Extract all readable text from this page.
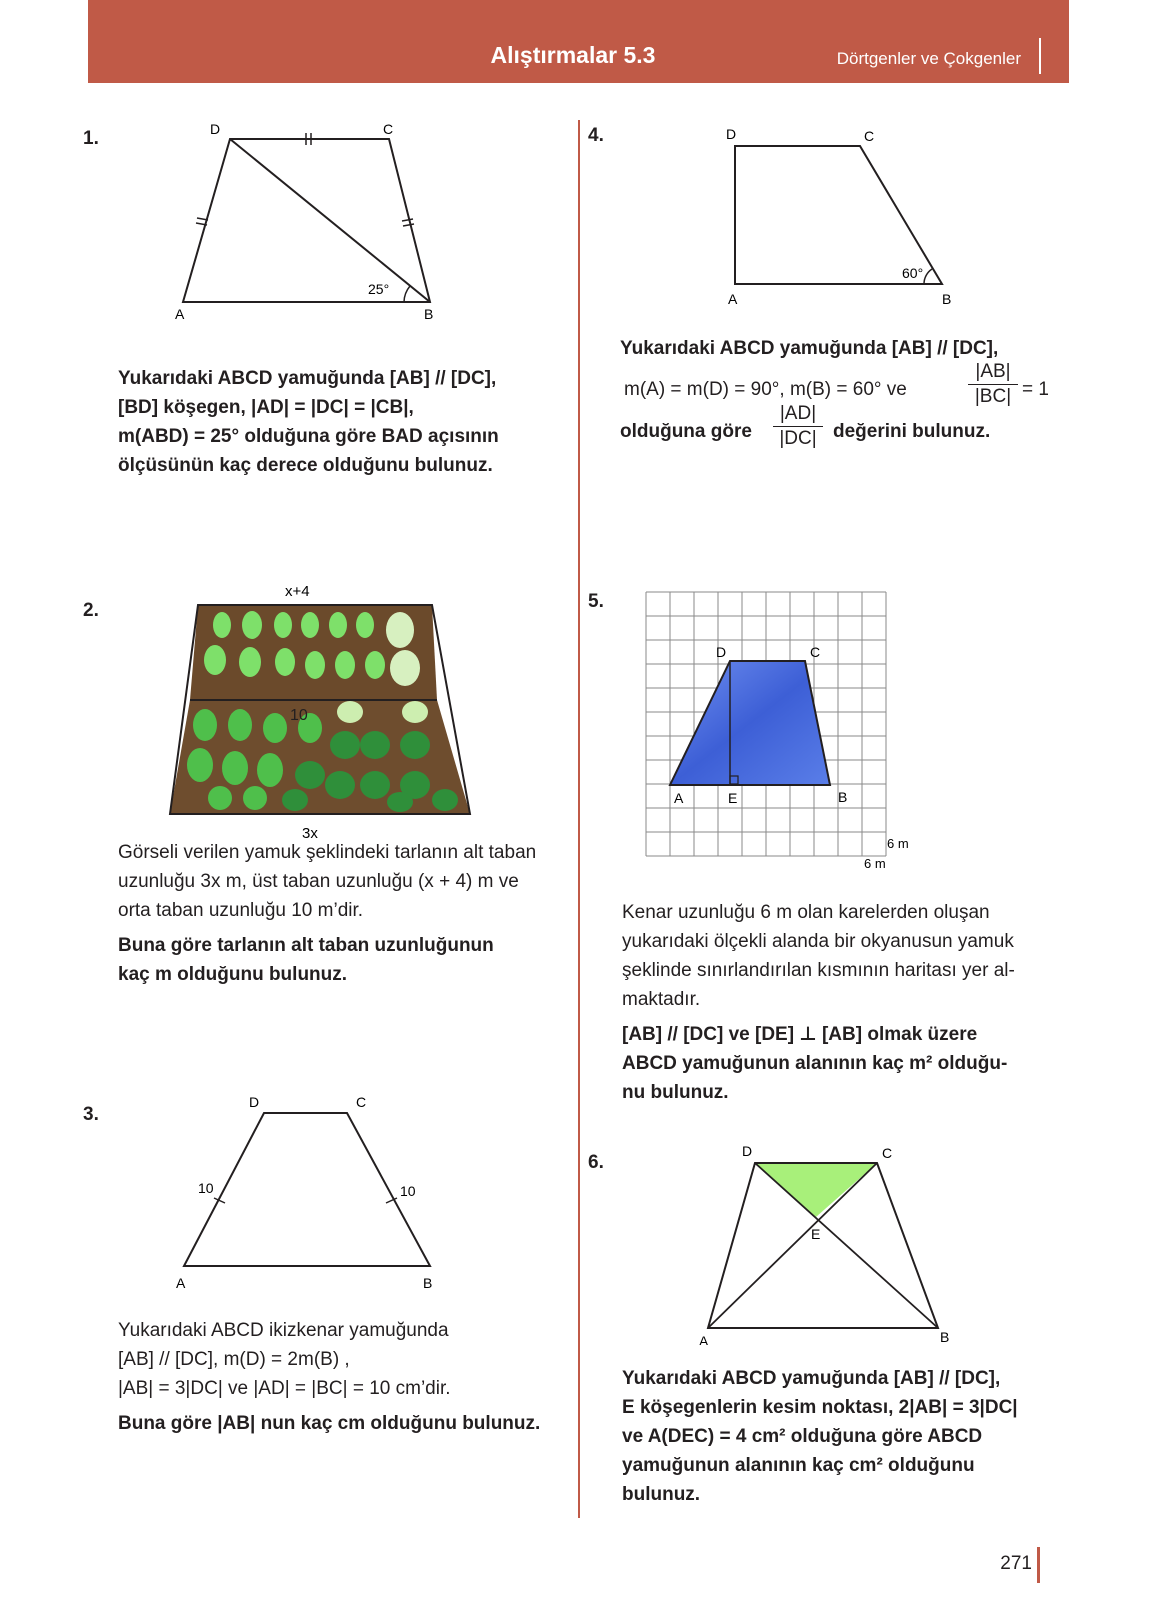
Alıştırmalar 5.3	Dörtgenler ve Çokgenler
1.
A	B
C
D
25°

Yukarıdaki ABCD yamuğunda [AB] // [DC],

[BD] köşegen, |AD| = |DC| = |CB|,

m(ABD) = 25° olduğuna göre BAD açısının

ölçüsünün kaç derece olduğunu bulunuz.

2.
x+4
10
3x

Görseli verilen yamuk şeklindeki tarlanın alt taban

uzunluğu 3x m, üst taban uzunluğu (x + 4) m ve

orta taban uzunluğu 10 m’dir.

Buna göre tarlanın alt taban uzunluğunun

kaç m olduğunu bulunuz.

3.
A	B
C
D
10	10

Yukarıdaki ABCD ikizkenar yamuğunda

[AB] // [DC], m(D) = 2m(B) ,

|AB| = 3|DC| ve |AD| = |BC| = 10 cm’dir.

Buna göre |AB| nun kaç cm olduğunu bulunuz.

4.
A	B
C
D
60°
Yukarıdaki ABCD yamuğunda [AB] // [DC],
m(A) = m(D) = 90°, m(B) = 60° ve
|AB|
|BC| = 1
olduğuna göre
|AD|
|DC| değerini bulunuz.
5.
A	B
C
D
E
6 m
6 m

Kenar uzunluğu 6 m olan karelerden oluşan

yukarıdaki ölçekli alanda bir okyanusun yamuk

şeklinde sınırlandırılan kısmının haritası yer al-

maktadır.

[AB] // [DC] ve [DE] ⊥ [AB] olmak üzere

ABCD yamuğunun alanının kaç m² olduğu-

nu bulunuz.

6.
A	B
C
D
E

Yukarıdaki ABCD yamuğunda [AB] // [DC],

E köşegenlerin kesim noktası, 2|AB| = 3|DC|

ve A(DEC) = 4 cm² olduğuna göre ABCD

yamuğunun alanının kaç cm² olduğunu

bulunuz.

271
